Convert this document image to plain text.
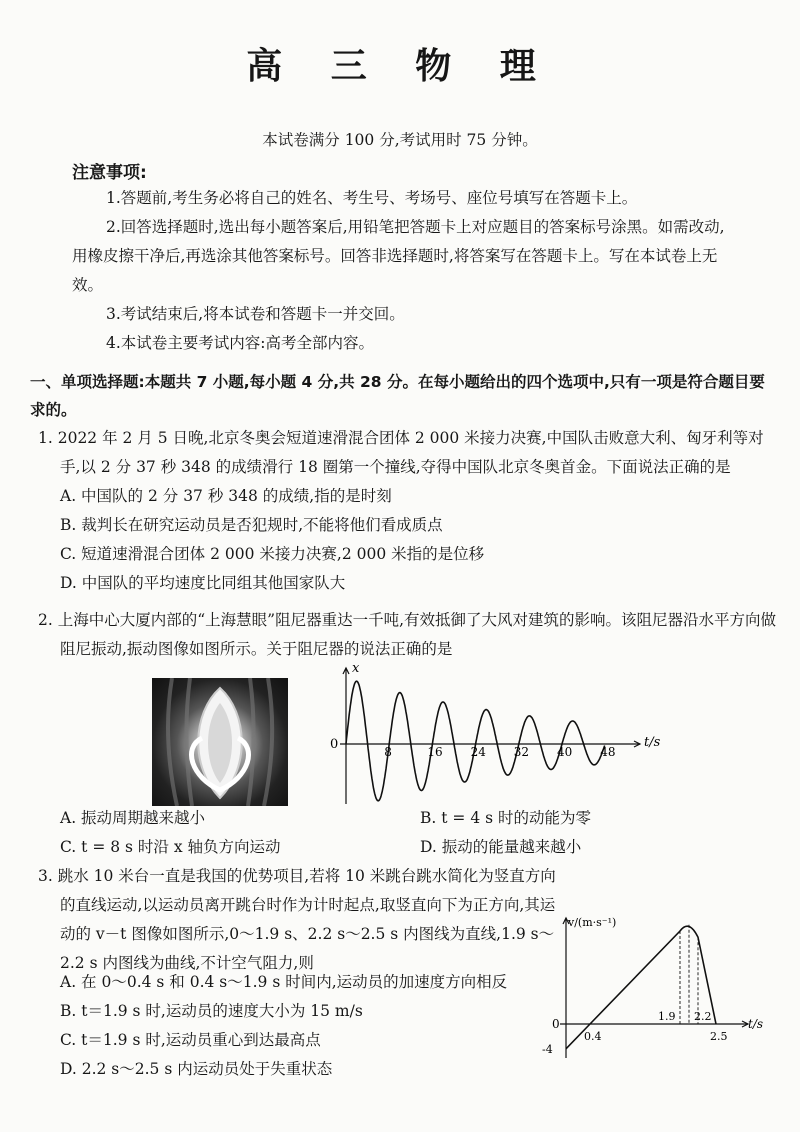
高 三 物 理
本试卷满分 100 分,考试用时 75 分钟。
注意事项:
1.答题前,考生务必将自己的姓名、考生号、考场号、座位号填写在答题卡上。
2.回答选择题时,选出每小题答案后,用铅笔把答题卡上对应题目的答案标号涂黑。如需改动,用橡皮擦干净后,再选涂其他答案标号。回答非选择题时,将答案写在答题卡上。写在本试卷上无效。
3.考试结束后,将本试卷和答题卡一并交回。
4.本试卷主要考试内容:高考全部内容。
一、单项选择题:本题共 7 小题,每小题 4 分,共 28 分。在每小题给出的四个选项中,只有一项是符合题目要求的。
1. 2022 年 2 月 5 日晚,北京冬奥会短道速滑混合团体 2 000 米接力决赛,中国队击败意大利、匈牙利等对手,以 2 分 37 秒 348 的成绩滑行 18 圈第一个撞线,夺得中国队北京冬奥首金。下面说法正确的是
A. 中国队的 2 分 37 秒 348 的成绩,指的是时刻
B. 裁判长在研究运动员是否犯规时,不能将他们看成质点
C. 短道速滑混合团体 2 000 米接力决赛,2 000 米指的是位移
D. 中国队的平均速度比同组其他国家队大
2. 上海中心大厦内部的“上海慧眼”阻尼器重达一千吨,有效抵御了大风对建筑的影响。该阻尼器沿水平方向做阻尼振动,振动图像如图所示。关于阻尼器的说法正确的是
0	t/s
x
8	16 24 32 40 48
A. 振动周期越来越小	B. t = 4 s 时的动能为零
C. t = 8 s 时沿 x 轴负方向运动	D. 振动的能量越来越小
3. 跳水 10 米台一直是我国的优势项目,若将 10 米跳台跳水简化为竖直方向的直线运动,以运动员离开跳台时作为计时起点,取竖直向下为正方向,其运动的 v－t 图像如图所示,0～1.9 s、2.2 s～2.5 s 内图线为直线,1.9 s～2.2 s 内图线为曲线,不计空气阻力,则
A. 在 0～0.4 s 和 0.4 s～1.9 s 时间内,运动员的加速度方向相反
B. t＝1.9 s 时,运动员的速度大小为 15 m/s
C. t＝1.9 s 时,运动员重心到达最高点
D. 2.2 s～2.5 s 内运动员处于失重状态
0	t/s
v/(m·s⁻¹)
0.4
1.9 2.2
2.5
-4
